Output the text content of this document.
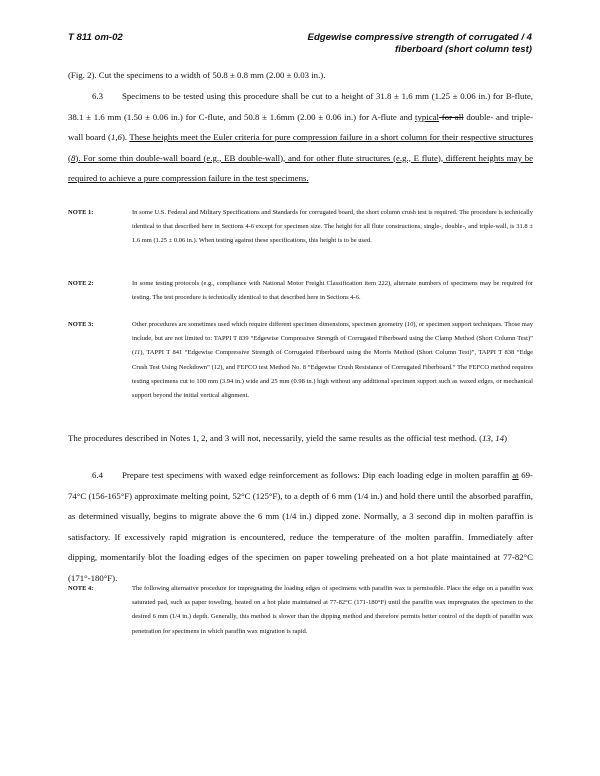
T 811 om-02	Edgewise compressive strength of corrugated / 4
fiberboard (short column test)
(Fig. 2). Cut the specimens to a width of 50.8 ± 0.8 mm (2.00 ± 0.03 in.).
6.3 Specimens to be tested using this procedure shall be cut to a height of 31.8 ± 1.6 mm (1.25 ± 0.06 in.) for B-flute, 38.1 ± 1.6 mm (1.50 ± 0.06 in.) for C-flute, and 50.8 ± 1.6mm (2.00 ± 0.06 in.) for A-flute and typical for all double- and triple-wall board (1,6). These heights meet the Euler criteria for pure compression failure in a short column for their respective structures (8). For some thin double-wall board (e.g., EB double-wall), and for other flute structures (e.g., E flute), different heights may be required to achieve a pure compression failure in the test specimens.
NOTE 1:	In some U.S. Federal and Military Specifications and Standards for corrugated board, the short column crush test is required. The procedure is technically identical to that described here in Sections 4-6 except for specimen size. The height for all flute constructions, single-, double-, and triple-wall, is 31.8 ± 1.6 mm (1.25 ± 0.06 in.). When testing against these specifications, this height is to be used.
NOTE 2:	In some testing protocols (e.g., compliance with National Motor Freight Classification item 222), alternate numbers of specimens may be required for testing. The test procedure is technically identical to that described here in Sections 4-6.
NOTE 3:	Other procedures are sometimes used which require different specimen dimensions, specimen geometry (10), or specimen support techniques. Those may include, but are not limited to: TAPPI T 839 “Edgewise Compressive Strength of Corrugated Fiberboard using the Clamp Method (Short Column Test)” (11), TAPPI T 841 “Edgewise Compressive Strength of Corrugated Fiberboard using the Morris Method (Short Column Test)”, TAPPI T 838 “Edge Crush Test Using Neckdown” (12), and FEFCO test Method No. 8 “Edgewise Crush Resistance of Corrugated Fiberboard.” The FEFCO method requires testing specimens cut to 100 mm (3.94 in.) wide and 25 mm (0.98 in.) high without any additional specimen support such as waxed edges, or mechanical support beyond the initial vertical alignment.
The procedures described in Notes 1, 2, and 3 will not, necessarily, yield the same results as the official test method. (13, 14)
6.4 Prepare test specimens with waxed edge reinforcement as follows: Dip each loading edge in molten paraffin at 69-74°C (156-165°F) approximate melting point, 52°C (125°F), to a depth of 6 mm (1/4 in.) and hold there until the absorbed paraffin, as determined visually, begins to migrate above the 6 mm (1/4 in.) dipped zone. Normally, a 3 second dip in molten paraffin is satisfactory. If excessively rapid migration is encountered, reduce the temperature of the molten paraffin. Immediately after dipping, momentarily blot the loading edges of the specimen on paper toweling preheated on a hot plate maintained at 77-82°C (171°-180°F).
NOTE 4:	The following alternative procedure for impregnating the loading edges of specimens with paraffin wax is permissible. Place the edge on a paraffin wax saturated pad, such as paper toweling, heated on a hot plate maintained at 77-82°C (171-180°F) until the paraffin wax impregnates the specimen to the desired 6 mm (1/4 in.) depth. Generally, this method is slower than the dipping method and therefore permits better control of the depth of paraffin wax penetration for specimens in which paraffin wax migration is rapid.
